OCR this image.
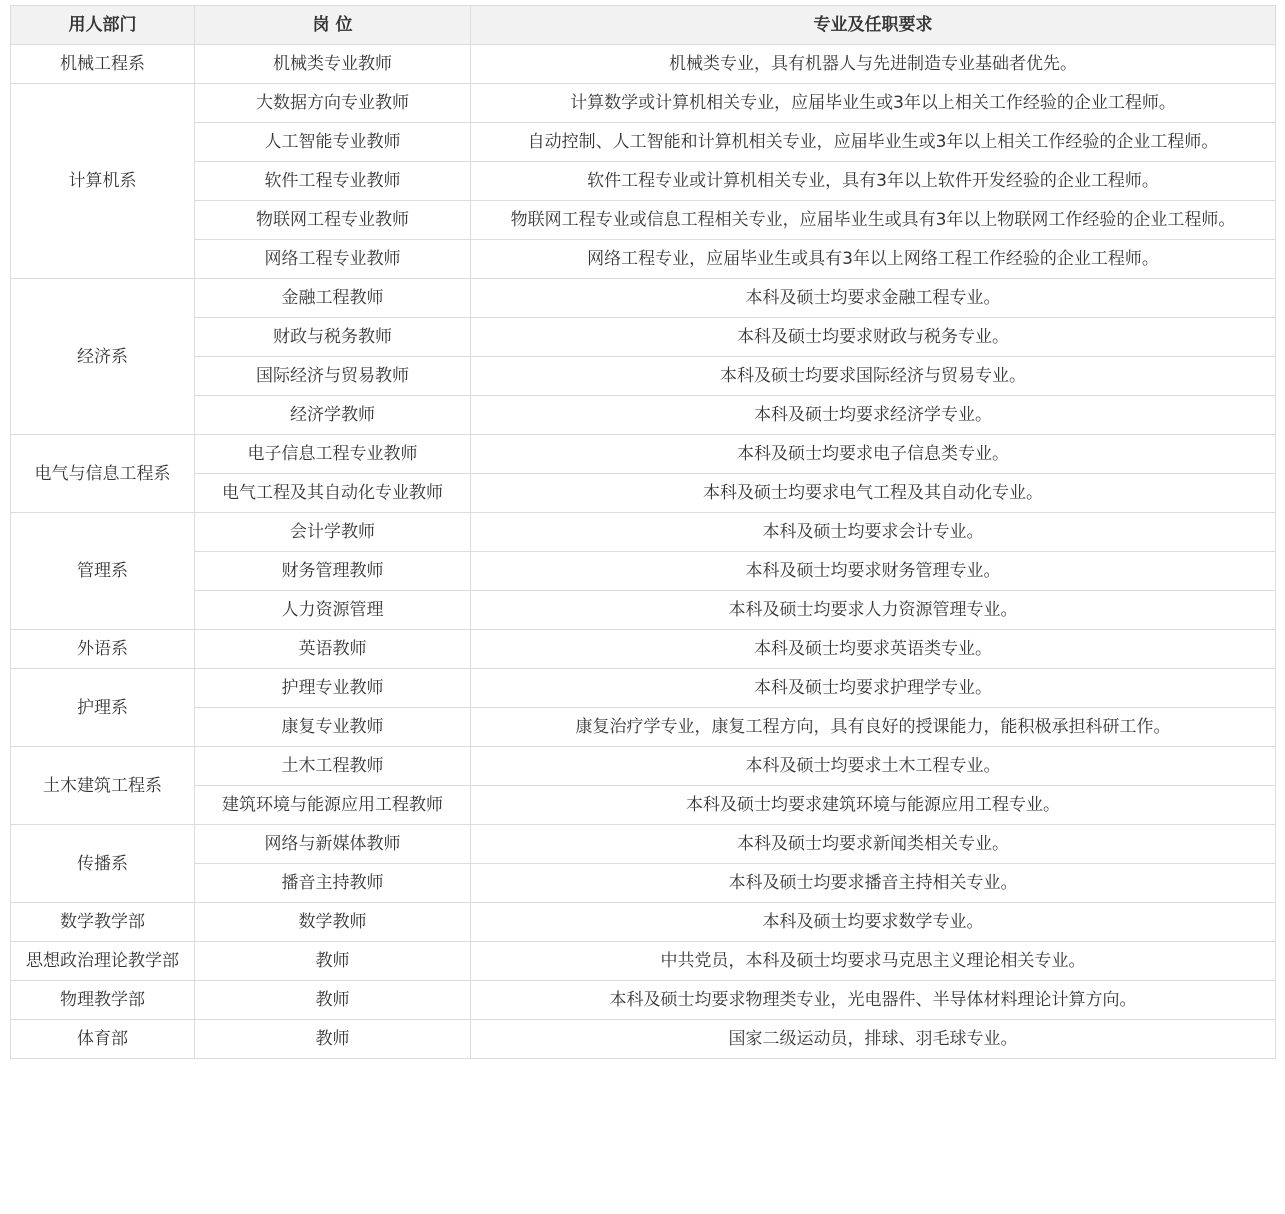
用人部门	岗 位	专业及任职要求
机械工程系	机械类专业教师	机械类专业，具有机器人与先进制造专业基础者优先。
计算机系	大数据方向专业教师	计算数学或计算机相关专业，应届毕业生或3年以上相关工作经验的企业工程师。
	人工智能专业教师	自动控制、人工智能和计算机相关专业，应届毕业生或3年以上相关工作经验的企业工程师。
	软件工程专业教师	软件工程专业或计算机相关专业，具有3年以上软件开发经验的企业工程师。
	物联网工程专业教师	物联网工程专业或信息工程相关专业，应届毕业生或具有3年以上物联网工作经验的企业工程师。
	网络工程专业教师	网络工程专业，应届毕业生或具有3年以上网络工程工作经验的企业工程师。
经济系	金融工程教师	本科及硕士均要求金融工程专业。
	财政与税务教师	本科及硕士均要求财政与税务专业。
	国际经济与贸易教师	本科及硕士均要求国际经济与贸易专业。
	经济学教师	本科及硕士均要求经济学专业。
电气与信息工程系	电子信息工程专业教师	本科及硕士均要求电子信息类专业。
	电气工程及其自动化专业教师	本科及硕士均要求电气工程及其自动化专业。
管理系	会计学教师	本科及硕士均要求会计专业。
	财务管理教师	本科及硕士均要求财务管理专业。
	人力资源管理	本科及硕士均要求人力资源管理专业。
外语系	英语教师	本科及硕士均要求英语类专业。
护理系	护理专业教师	本科及硕士均要求护理学专业。
	康复专业教师	康复治疗学专业，康复工程方向，具有良好的授课能力，能积极承担科研工作。
土木建筑工程系	土木工程教师	本科及硕士均要求土木工程专业。
	建筑环境与能源应用工程教师	本科及硕士均要求建筑环境与能源应用工程专业。
传播系	网络与新媒体教师	本科及硕士均要求新闻类相关专业。
	播音主持教师	本科及硕士均要求播音主持相关专业。
数学教学部	数学教师	本科及硕士均要求数学专业。
思想政治理论教学部	教师	中共党员，本科及硕士均要求马克思主义理论相关专业。
物理教学部	教师	本科及硕士均要求物理类专业，光电器件、半导体材料理论计算方向。
体育部	教师	国家二级运动员，排球、羽毛球专业。
